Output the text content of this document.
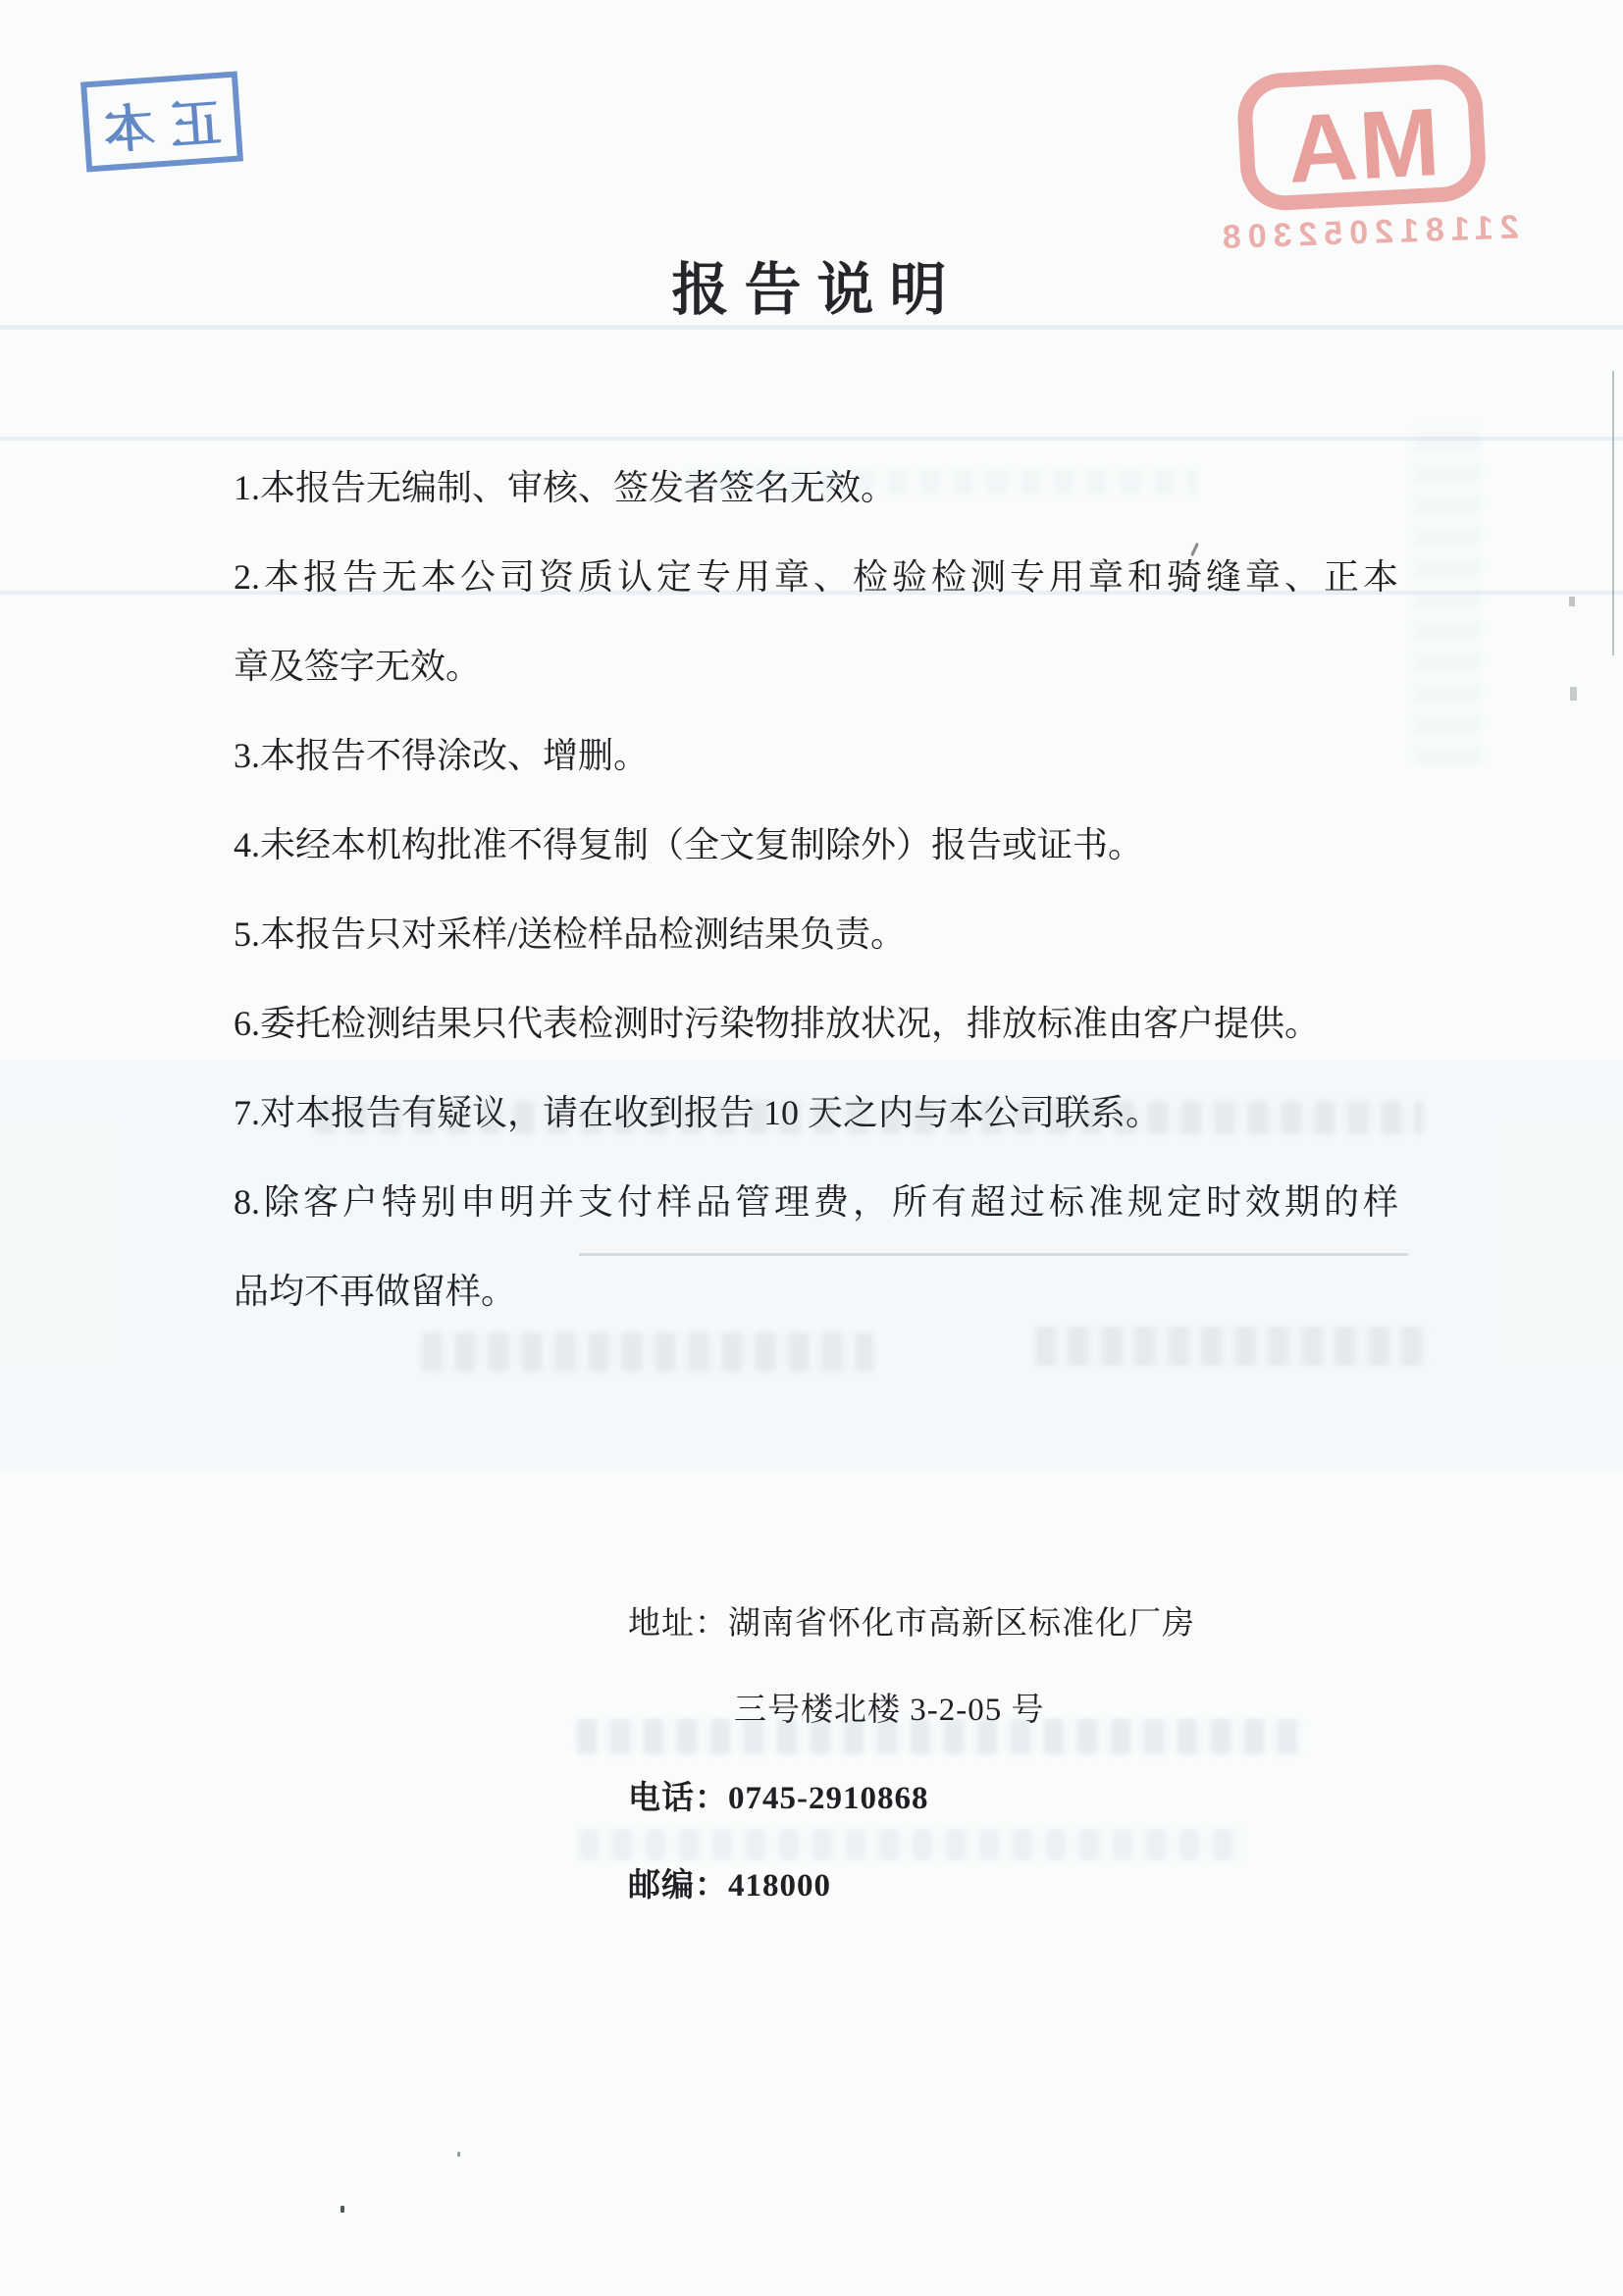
正本	MA
211812052308
报告说明
1.本报告无编制、审核、签发者签名无效。
2.本报告无本公司资质认定专用章、检验检测专用章和骑缝章、正本
章及签字无效。
3.本报告不得涂改、增删。
4.未经本机构批准不得复制（全文复制除外）报告或证书。
5.本报告只对采样/送检样品检测结果负责。
6.委托检测结果只代表检测时污染物排放状况，排放标准由客户提供。
7.对本报告有疑议，请在收到报告 10 天之内与本公司联系。
8.除客户特别申明并支付样品管理费，所有超过标准规定时效期的样
品均不再做留样。
地址：湖南省怀化市高新区标准化厂房
三号楼北楼 3-2-05 号
电话：0745-2910868
邮编：418000
